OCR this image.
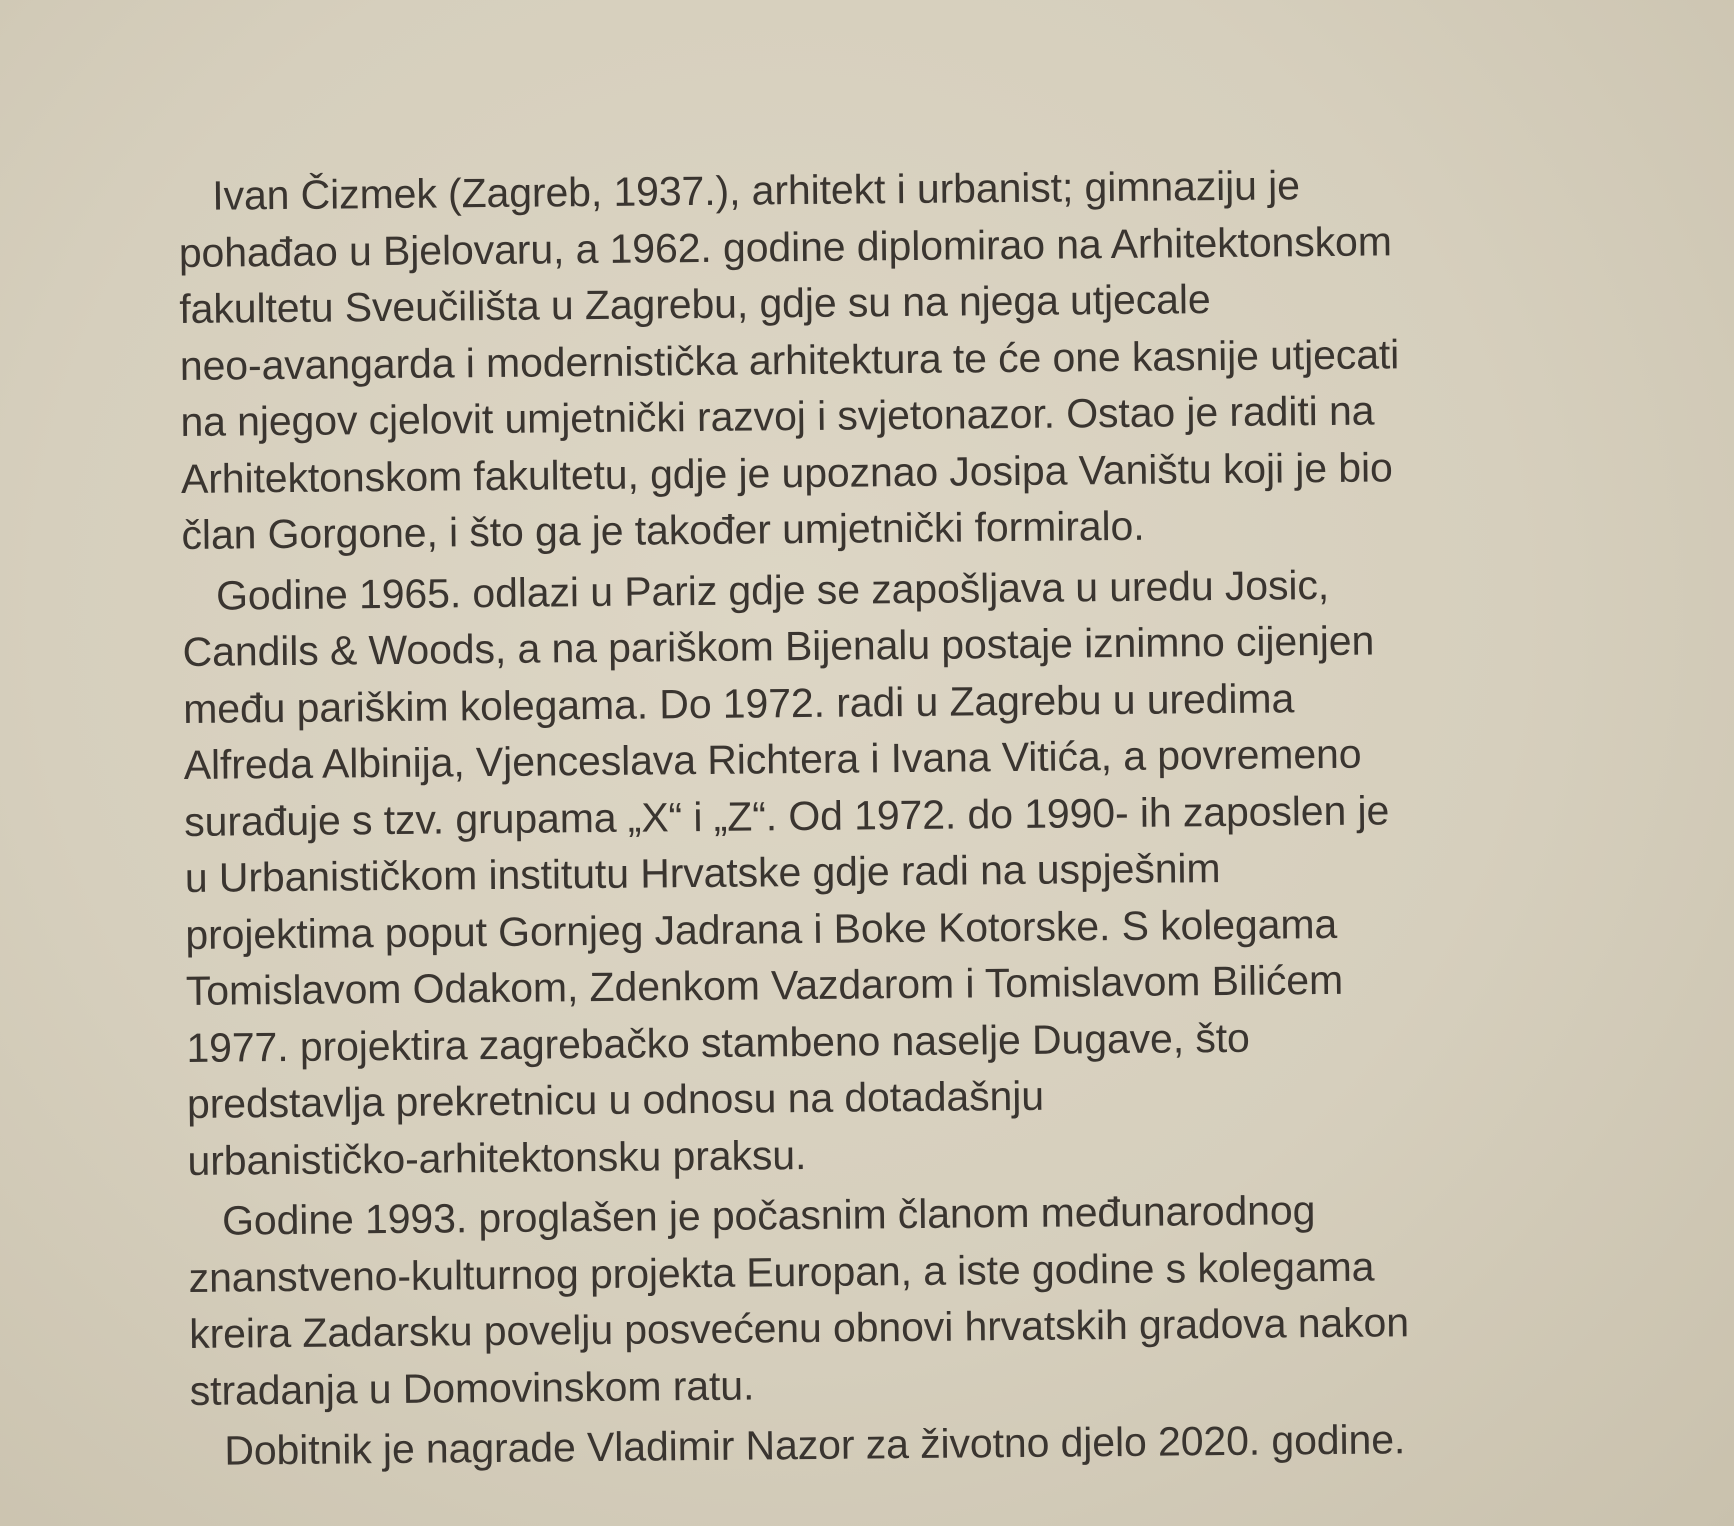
Ivan Čizmek (Zagreb, 1937.), arhitekt i urbanist; gimnaziju je
pohađao u Bjelovaru, a 1962. godine diplomirao na Arhitektonskom
fakultetu Sveučilišta u Zagrebu, gdje su na njega utjecale
neo-avangarda i modernistička arhitektura te će one kasnije utjecati
na njegov cjelovit umjetnički razvoj i svjetonazor. Ostao je raditi na
Arhitektonskom fakultetu, gdje je upoznao Josipa Vaništu koji je bio
član Gorgone, i što ga je također umjetnički formiralo.

Godine 1965. odlazi u Pariz gdje se zapošljava u uredu Josic,
Candils & Woods, a na pariškom Bijenalu postaje iznimno cijenjen
među pariškim kolegama. Do 1972. radi u Zagrebu u uredima
Alfreda Albinija, Vjenceslava Richtera i Ivana Vitića, a povremeno
surađuje s tzv. grupama „X“ i „Z“. Od 1972. do 1990- ih zaposlen je
u Urbanističkom institutu Hrvatske gdje radi na uspješnim
projektima poput Gornjeg Jadrana i Boke Kotorske. S kolegama
Tomislavom Odakom, Zdenkom Vazdarom i Tomislavom Bilićem
1977. projektira zagrebačko stambeno naselje Dugave, što
predstavlja prekretnicu u odnosu na dotadašnju
urbanističko-arhitektonsku praksu.

Godine 1993. proglašen je počasnim članom međunarodnog
znanstveno-kulturnog projekta Europan, a iste godine s kolegama
kreira Zadarsku povelju posvećenu obnovi hrvatskih gradova nakon
stradanja u Domovinskom ratu.

Dobitnik je nagrade Vladimir Nazor za životno djelo 2020. godine.
